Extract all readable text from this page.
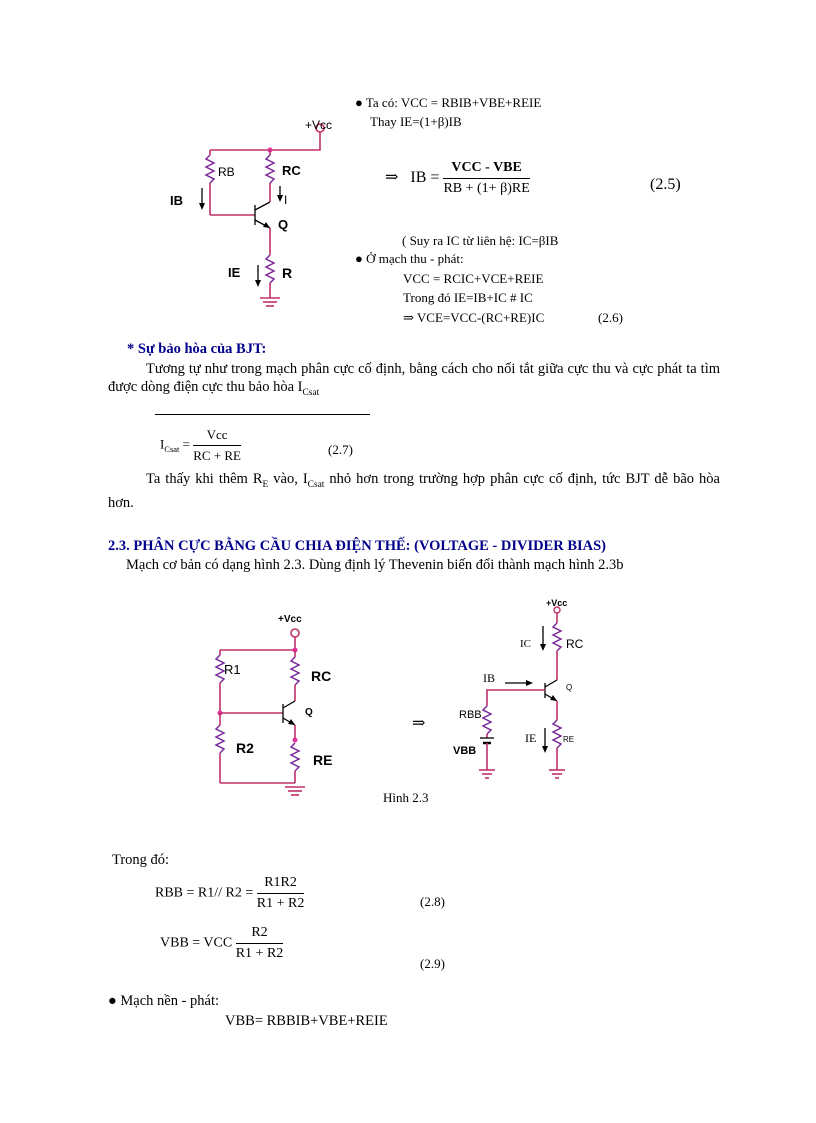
+Vcc
RB	RC
IB	I
Q
IE	R
● Ta có: VCC = RBIB+VBE+REIE
Thay IE=(1+β)IB
⇒ IB = $\frac{\text{VCC - VBE}}{RB + (1+ \beta)RE}$	(2.5)
( Suy ra IC từ liên hệ: IC=βIB
● Ở mạch thu - phát:
VCC = RCIC+VCE+REIE
Trong đó IE=IB+IC # IC
⇒ VCE=VCC-(RC+RE)IC	(2.6)
* Sự bảo hòa của BJT:
Tương tự như trong mạch phân cực cố định, bằng cách cho nối tắt giữa cực thu và cực phát ta tìm được dòng điện cực thu bảo hòa $I_{Csat}$
$I_{Csat} = \frac{\text{Vcc}}{RC + RE}$	(2.7)
Ta thấy khi thêm $R_E$ vào, $I_{Csat}$ nhỏ hơn trong trường hợp phân cực cố định, tức BJT dễ bão hòa hơn.
2.3. PHÂN CỰC BẰNG CẦU CHIA ĐIỆN THẾ: (VOLTAGE - DIVIDER BIAS)
Mạch cơ bản có dạng hình 2.3. Dùng định lý Thevenin biến đổi thành mạch hình 2.3b
+Vcc
R1	RC
Q
R2
RE
⇒
+Vcc
IC	RC
IB
Q
RBB
IE	RE
VBB
Hình 2.3
Trong đó:
RBB = R1// $R2 = \frac{R1R2}{R1 + R2}$	(2.8)
VBB = VCC $\frac{R2}{R1 + R2}$
(2.9)
● Mạch nền - phát:
VBB= RBBIB+VBE+REIE
